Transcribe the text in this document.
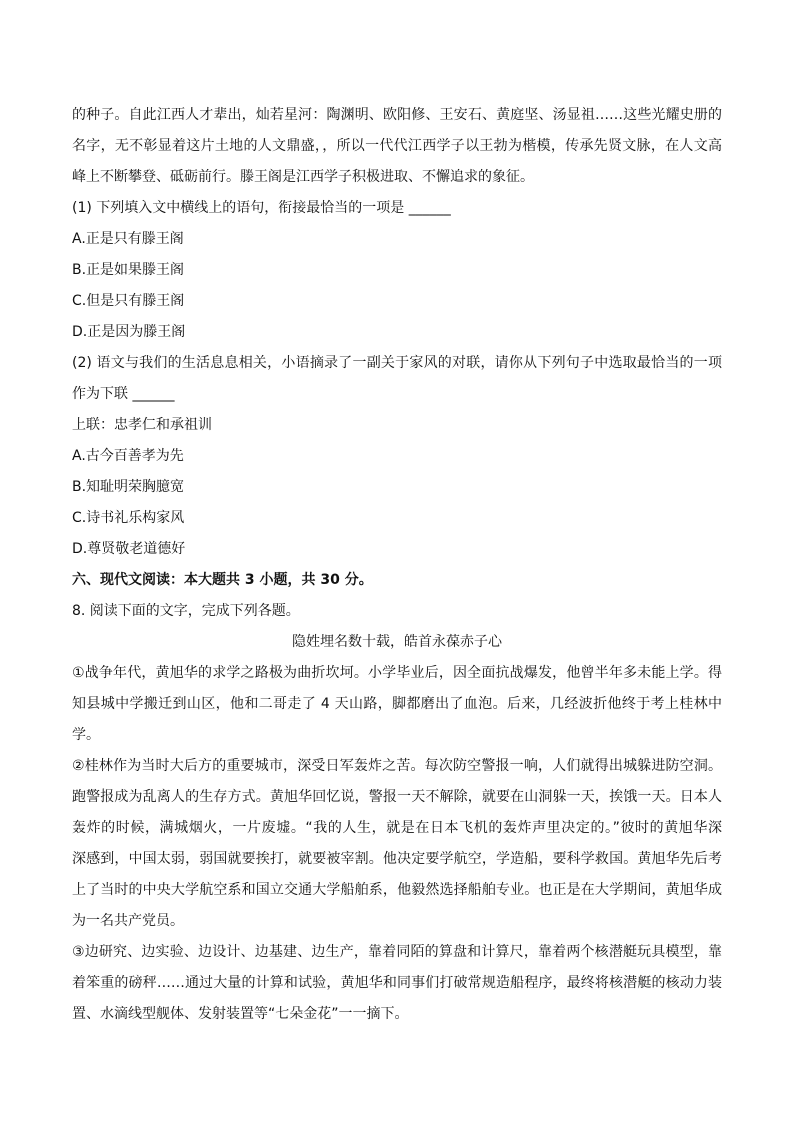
的种子。自此江西人才辈出，灿若星河：陶渊明、欧阳修、王安石、黄庭坚、汤显祖……这些光耀史册的

名字，无不彰显着这片土地的人文鼎盛，，所以一代代江西学子以王勃为楷模，传承先贤文脉，在人文高

峰上不断攀登、砥砺前行。滕王阁是江西学子积极进取、不懈追求的象征。

(1) 下列填入文中横线上的语句，衔接最恰当的一项是 ______

A.正是只有滕王阁

B.正是如果滕王阁

C.但是只有滕王阁

D.正是因为滕王阁

(2) 语文与我们的生活息息相关，小语摘录了一副关于家风的对联，请你从下列句子中选取最恰当的一项

作为下联 ______

上联：忠孝仁和承祖训

A.古今百善孝为先

B.知耻明荣胸臆宽

C.诗书礼乐构家风

D.尊贤敬老道德好

六、现代文阅读：本大题共 3 小题，共 30 分。

8. 阅读下面的文字，完成下列各题。

隐姓埋名数十载，皓首永葆赤子心

①战争年代，黄旭华的求学之路极为曲折坎坷。小学毕业后，因全面抗战爆发，他曾半年多未能上学。得

知县城中学搬迁到山区，他和二哥走了 4 天山路，脚都磨出了血泡。后来，几经波折他终于考上桂林中

学。

②桂林作为当时大后方的重要城市，深受日军轰炸之苦。每次防空警报一响，人们就得出城躲进防空洞。

跑警报成为乱离人的生存方式。黄旭华回忆说，警报一天不解除，就要在山洞躲一天，挨饿一天。日本人

轰炸的时候，满城烟火，一片废墟。“我的人生，就是在日本飞机的轰炸声里决定的。”彼时的黄旭华深

深感到，中国太弱，弱国就要挨打，就要被宰割。他决定要学航空，学造船，要科学救国。黄旭华先后考

上了当时的中央大学航空系和国立交通大学船舶系，他毅然选择船舶专业。也正是在大学期间，黄旭华成

为一名共产党员。

③边研究、边实验、边设计、边基建、边生产，靠着同陌的算盘和计算尺，靠着两个核潜艇玩具模型，靠

着笨重的磅秤……通过大量的计算和试验，黄旭华和同事们打破常规造船程序，最终将核潜艇的核动力装

置、水滴线型舰体、发射装置等“七朵金花”一一摘下。
